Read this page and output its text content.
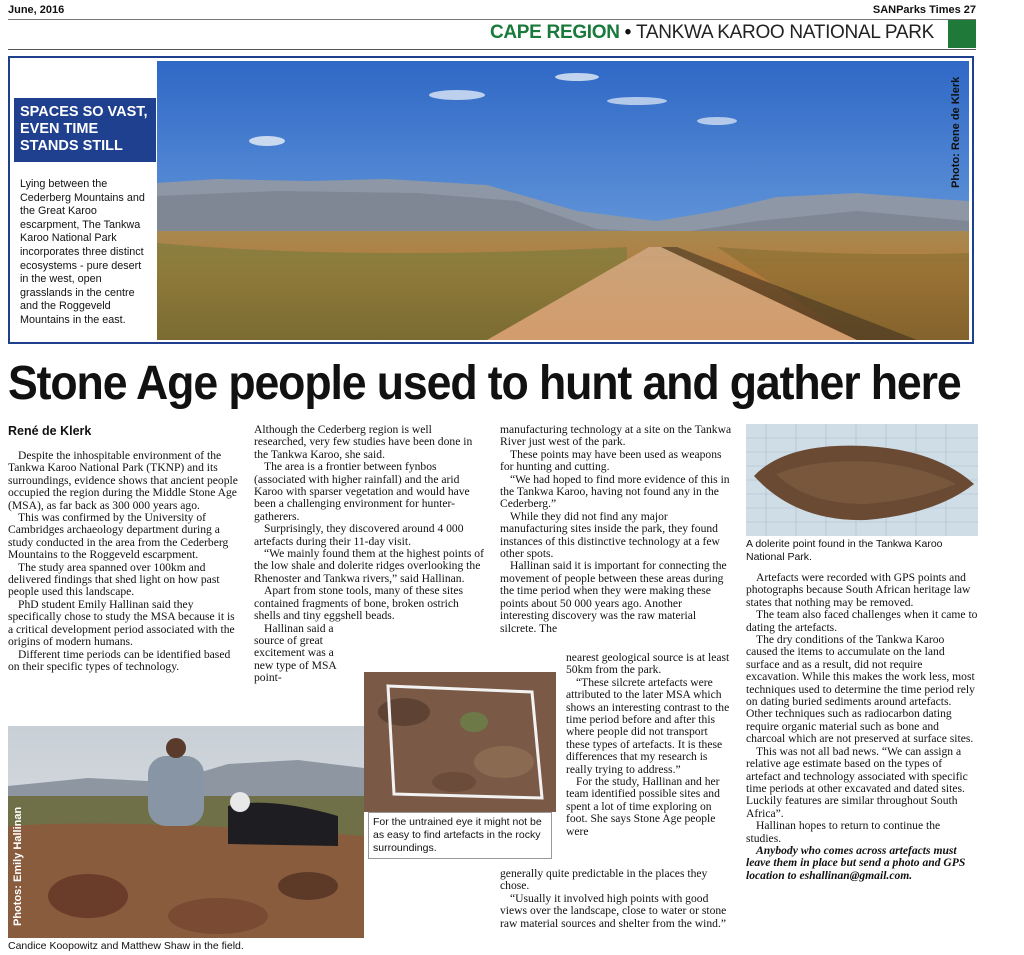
June, 2016	SANParks Times 27
CAPE REGION • TANKWA KAROO NATIONAL PARK
Photo: Rene de Klerk
SPACES SO VAST, EVEN TIME STANDS STILL
Lying between the Cederberg Mountains and the Great Karoo escarpment, The Tankwa Karoo National Park incorporates three distinct ecosystems - pure desert in the west, open grasslands in the centre and the Roggeveld Mountains in the east.
Stone Age people used to hunt and gather here
René de Klerk

Despite the inhospitable environment of the Tankwa Karoo National Park (TKNP) and its surroundings, evidence shows that ancient people occupied the region during the Middle Stone Age (MSA), as far back as 300 000 years ago.

This was confirmed by the University of Cambridges archaeology department during a study conducted in the area from the Cederberg Mountains to the Roggeveld escarpment.

The study area spanned over 100km and delivered findings that shed light on how past people used this landscape.

PhD student Emily Hallinan said they specifically chose to study the MSA because it is a critical development period associated with the origins of modern humans.

Different time periods can be identified based on their specific types of technology.

Although the Cederberg region is well researched, very few studies have been done in the Tankwa Karoo, she said.

The area is a frontier between fynbos (associated with higher rainfall) and the arid Karoo with sparser vegetation and would have been a challenging environment for hunter-gatherers.

Surprisingly, they discovered around 4 000 artefacts during their 11-day visit.

“We mainly found them at the highest points of the low shale and dolerite ridges overlooking the Rhenoster and Tankwa rivers,” said Hallinan.

Apart from stone tools, many of these sites contained fragments of bone, broken ostrich shells and tiny eggshell beads.

Hallinan said a source of great excitement was a new type of MSA point-

manufacturing technology at a site on the Tankwa River just west of the park.

These points may have been used as weapons for hunting and cutting.

“We had hoped to find more evidence of this in the Tankwa Karoo, having not found any in the Cederberg.”

While they did not find any major manufacturing sites inside the park, they found instances of this distinctive technology at a few other spots.

Hallinan said it is important for connecting the movement of people between these areas during the time period when they were making these points about 50 000 years ago. Another interesting discovery was the raw material silcrete. The

nearest geological source is at least 50km from the park.

“These silcrete artefacts were attributed to the later MSA which shows an interesting contrast to the time period before and after this where people did not transport these types of artefacts. It is these differences that my research is really trying to address.”

For the study, Hallinan and her team identified possible sites and spent a lot of time exploring on foot. She says Stone Age people were

generally quite predictable in the places they chose.

“Usually it involved high points with good views over the landscape, close to water or stone raw material sources and shelter from the wind.”

A dolerite point found in the Tankwa Karoo National Park.

Artefacts were recorded with GPS points and photographs because South African heritage law states that nothing may be removed.

The team also faced challenges when it came to dating the artefacts.

The dry conditions of the Tankwa Karoo caused the items to accumulate on the land surface and as a result, did not require excavation. While this makes the work less, most techniques used to determine the time period rely on dating buried sediments around artefacts. Other techniques such as radiocarbon dating require organic material such as bone and charcoal which are not preserved at surface sites.

This was not all bad news. “We can assign a relative age estimate based on the types of artefact and technology associated with specific time periods at other excavated and dated sites. Luckily features are similar throughout South Africa”.

Hallinan hopes to return to continue the studies.

Anybody who comes across artefacts must leave them in place but send a photo and GPS location to eshallinan@gmail.com.

Photos: Emily Hallinan
Candice Koopowitz and Matthew Shaw in the field.
For the untrained eye it might not be as easy to find artefacts in the rocky surroundings.
